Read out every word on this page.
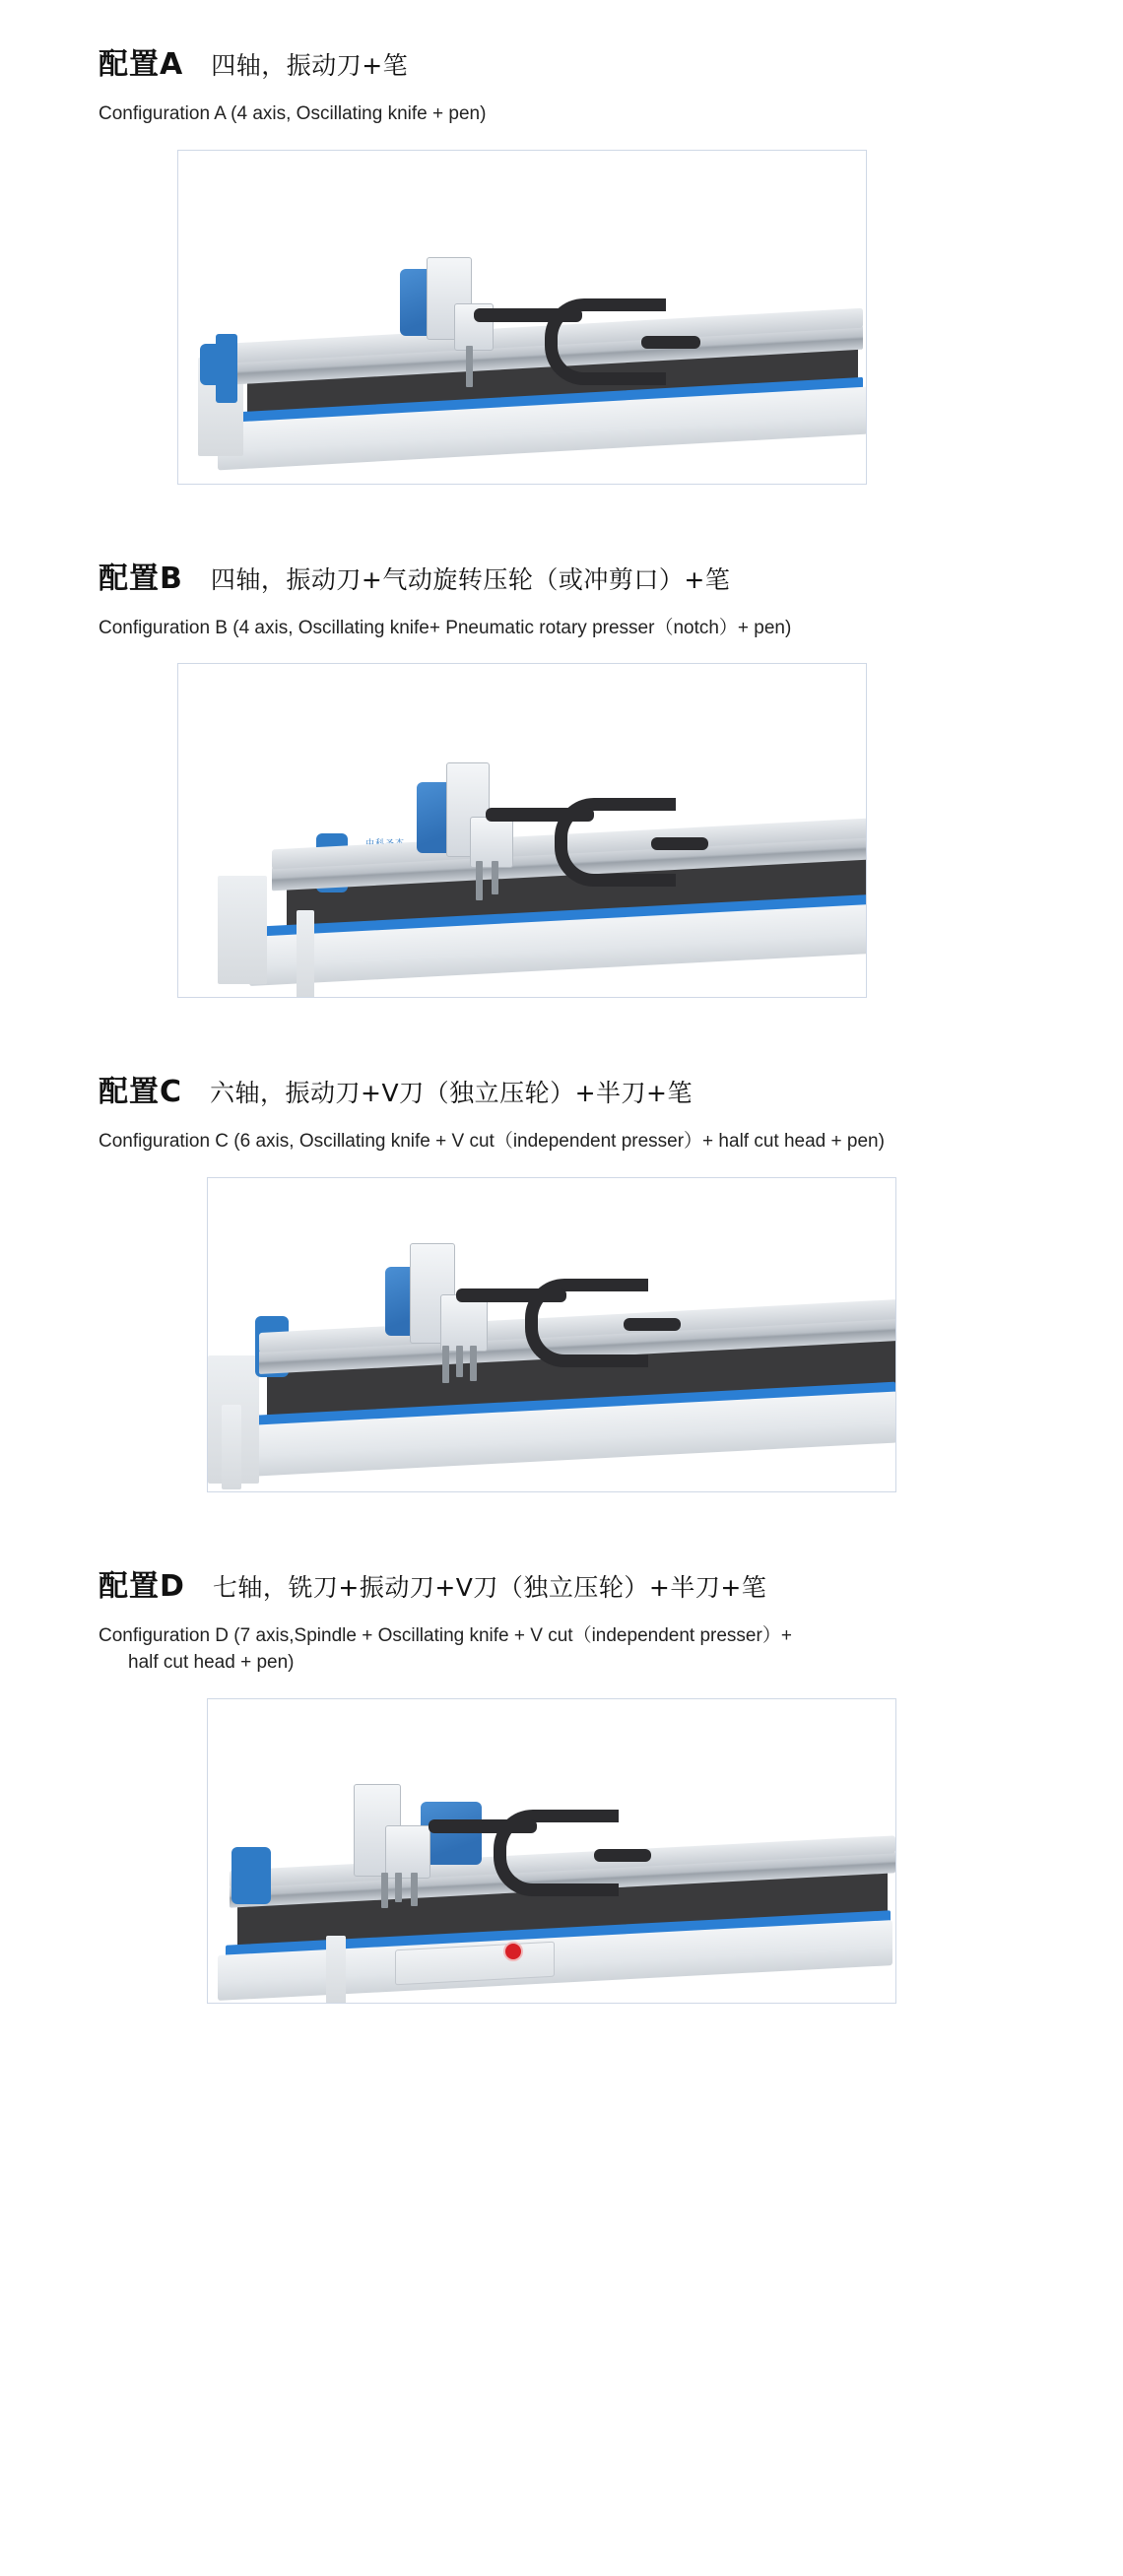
配置A 四轴，振动刀+笔
Configuration A (4 axis, Oscillating knife + pen)
配置B 四轴，振动刀+气动旋转压轮（或冲剪口）+笔
Configuration B (4 axis, Oscillating knife+ Pneumatic rotary presser（notch）+ pen)
配置C 六轴，振动刀+V刀（独立压轮）+半刀+笔
Configuration C (6 axis, Oscillating knife + V cut（independent presser）+ half cut head + pen)
配置D 七轴，铣刀+振动刀+V刀（独立压轮）+半刀+笔
Configuration D (7 axis,Spindle + Oscillating knife + V cut（independent presser）+
half cut head + pen)
